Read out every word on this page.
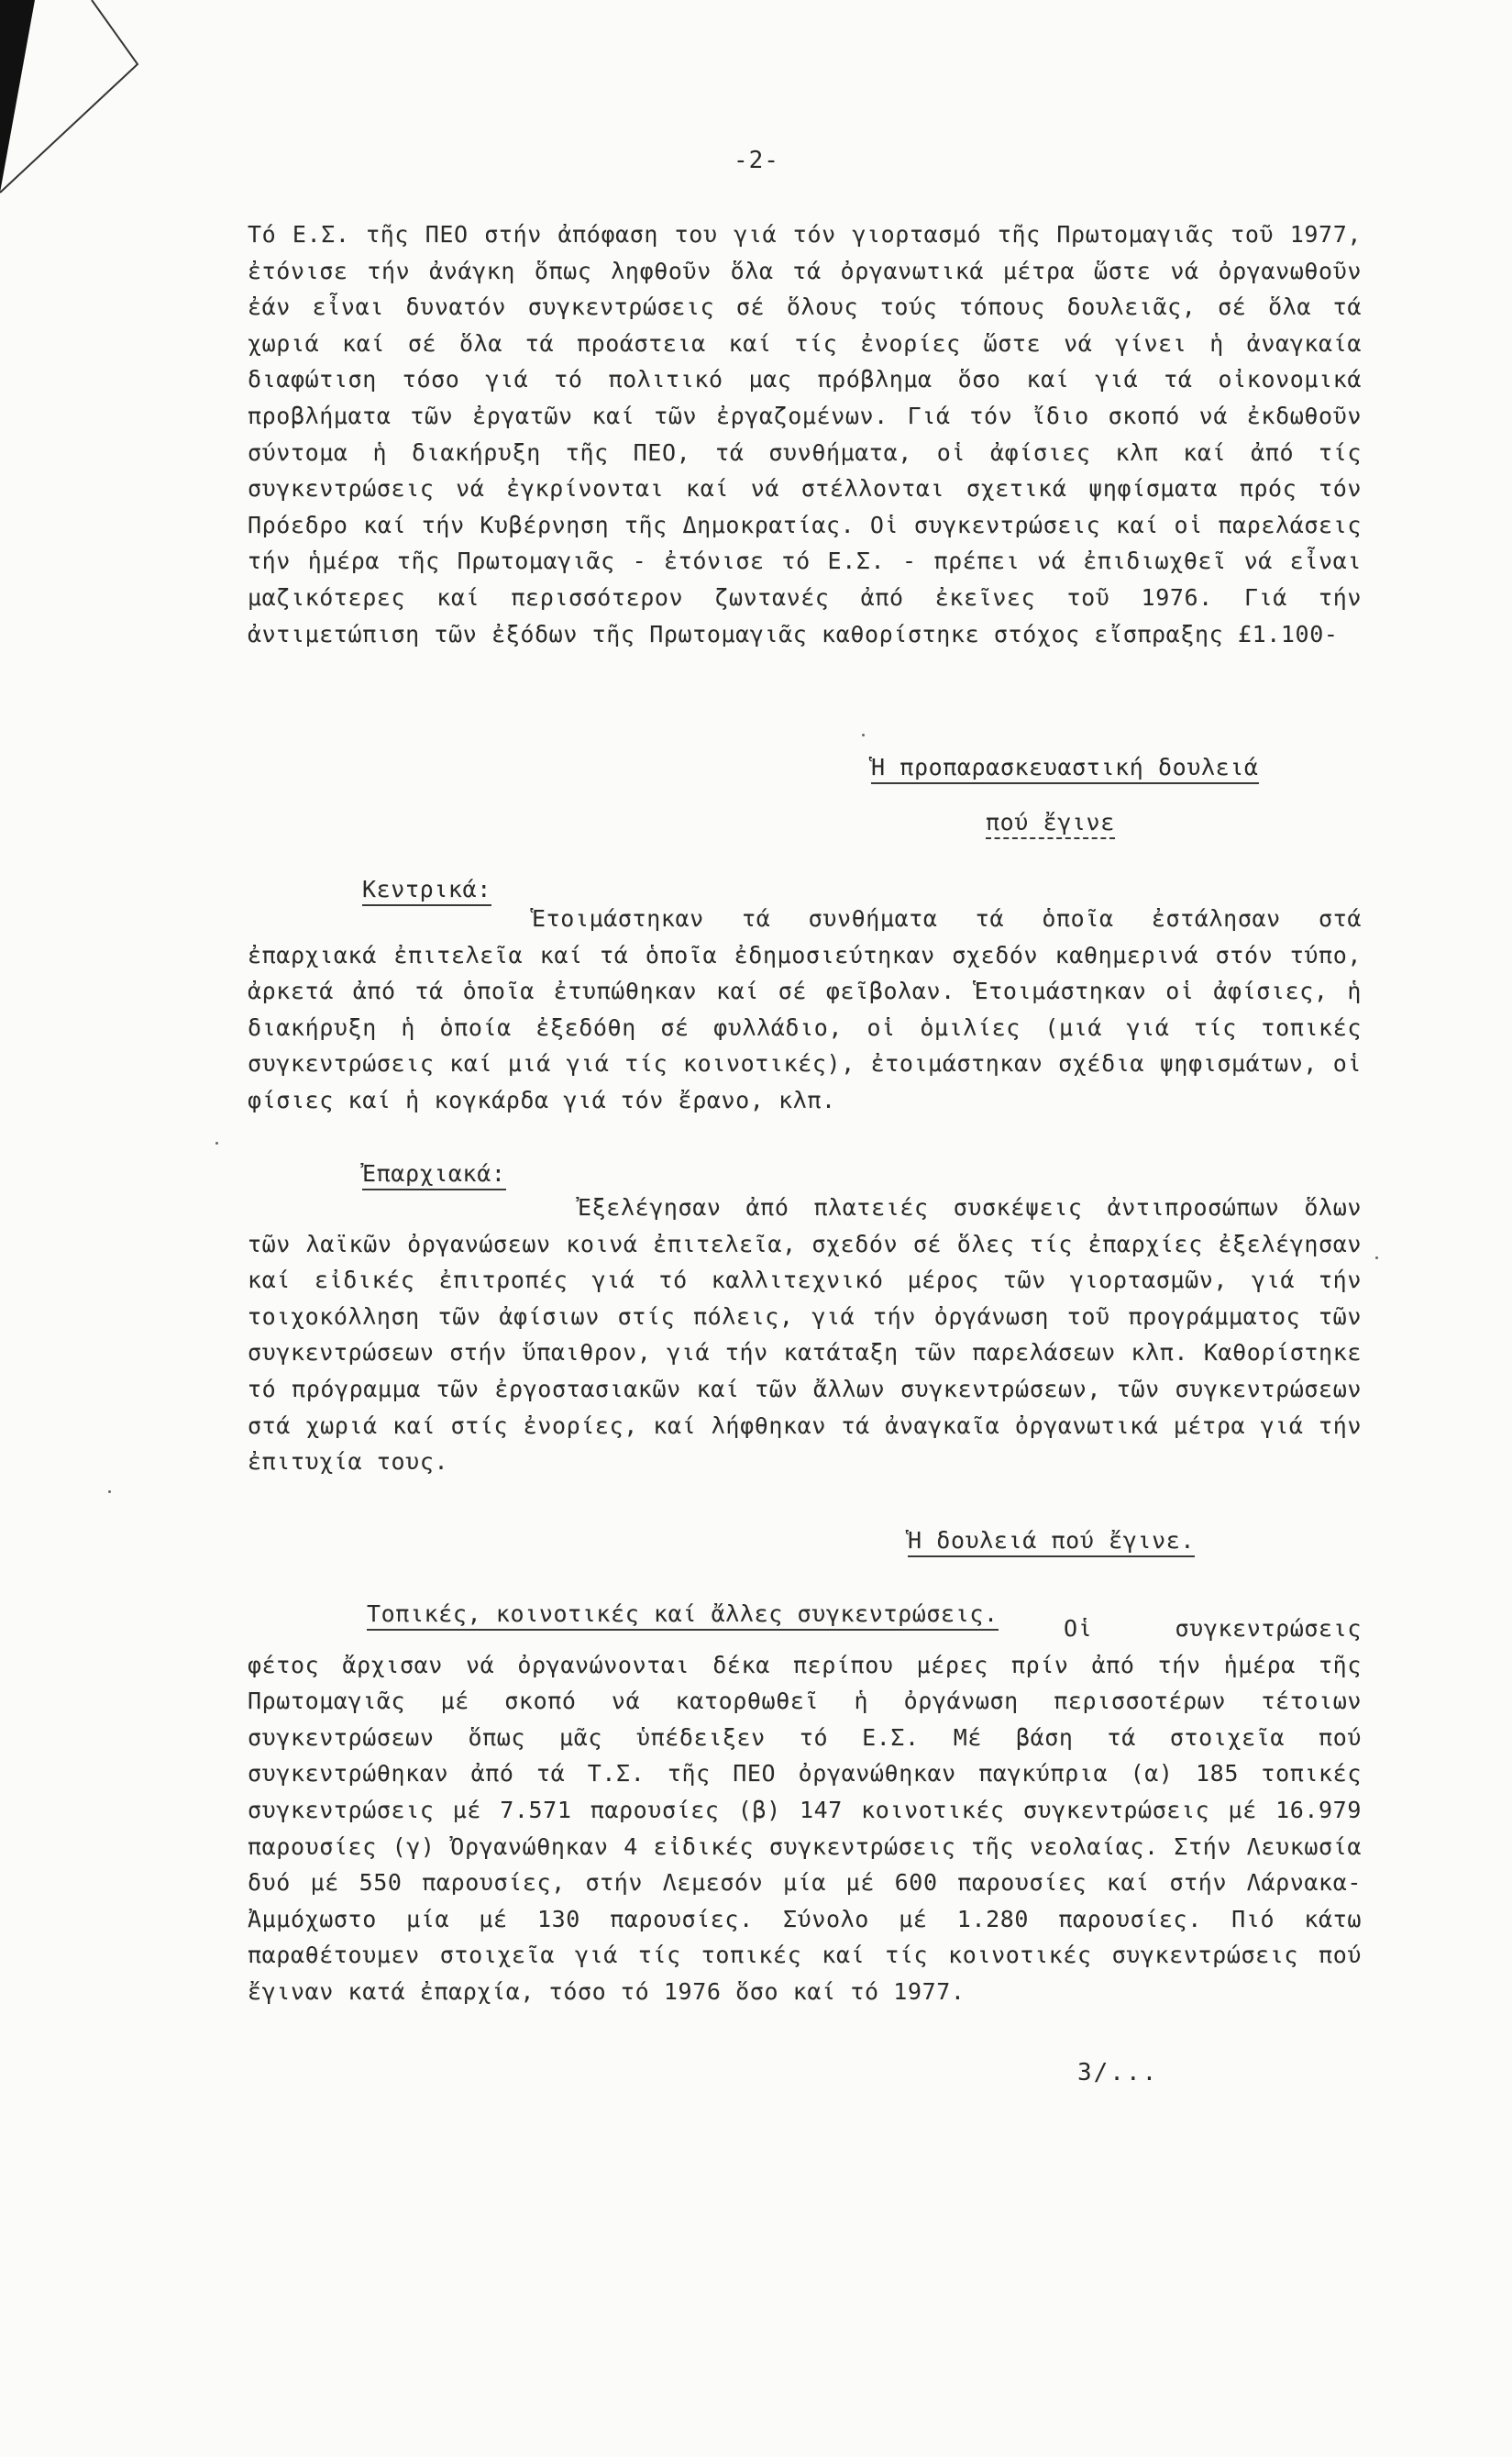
-2-
Τό Ε.Σ. τῆς ΠΕΟ στήν ἀπόφαση του γιά τόν γιορτασμό τῆς Πρωτομαγιᾶς τοῦ 1977, ἐτόνισε τήν ἀνάγκη ὅπως ληφθοῦν ὅλα τά ὀργανωτικά μέτρα ὥστε νά ὀργανωθοῦν ἐάν εἶναι δυνατόν συγκεντρώσεις σέ ὅλους τούς τόπους δουλειᾶς, σέ ὅλα τά χωριά καί σέ ὅλα τά προάστεια καί τίς ἐνορίες ὥστε νά γίνει ἡ ἀναγκαία διαφώτιση τόσο γιά τό πολιτικό μας πρόβλημα ὅσο καί γιά τά οἰκονομικά προβλήματα τῶν ἐργατῶν καί τῶν ἐργαζομένων. Γιά τόν ἴδιο σκοπό νά ἐκδωθοῦν σύντομα ἡ διακήρυξη τῆς ΠΕΟ, τά συνθήματα, οἱ ἀφίσιες κλπ καί ἀπό τίς συγκεντρώσεις νά ἐγκρίνονται καί νά στέλλονται σχετικά ψηφίσματα πρός τόν Πρόεδρο καί τήν Κυβέρνηση τῆς Δημοκρατίας. Οἱ συγκεντρώσεις καί οἱ παρελάσεις τήν ἡμέρα τῆς Πρωτομαγιᾶς - ἐτόνισε τό Ε.Σ. - πρέπει νά ἐπιδιωχθεῖ νά εἶναι μαζικότερες καί περισσότερον ζωντανές ἀπό ἐκεῖνες τοῦ 1976. Γιά τήν ἀντιμετώπιση τῶν ἐξόδων τῆς Πρωτομαγιᾶς καθορίστηκε στόχος εἴσπραξης £1.100-
Ἡ προπαρασκευαστική δουλειά
πού ἔγινε
Κεντρικά:
Ἑτοιμάστηκαν τά συνθήματα τά ὁποῖα ἐστάλησαν στά ἐπαρχιακά ἐπιτελεῖα καί τά ὁποῖα ἐδημοσιεύτηκαν σχεδόν καθημερινά στόν τύπο, ἀρκετά ἀπό τά ὁποῖα ἐτυπώθηκαν καί σέ φεῖβολαν. Ἑτοιμάστηκαν οἱ ἀφίσιες, ἡ διακήρυξη ἡ ὁποία ἐξεδόθη σέ φυλλάδιο, οἱ ὁμιλίες (μιά γιά τίς τοπικές συγκεντρώσεις καί μιά γιά τίς κοινοτικές), ἐτοιμάστηκαν σχέδια ψηφισμάτων, οἱ φίσιες καί ἡ κογκάρδα γιά τόν ἔρανο, κλπ.
Ἐπαρχιακά:
Ἐξελέγησαν ἀπό πλατειές συσκέψεις ἀντιπροσώπων ὅλων τῶν λαϊκῶν ὀργανώσεων κοινά ἐπιτελεῖα, σχεδόν σέ ὅλες τίς ἐπαρχίες ἐξελέγησαν καί εἰδικές ἐπιτροπές γιά τό καλλιτεχνικό μέρος τῶν γιορτασμῶν, γιά τήν τοιχοκόλληση τῶν ἀφίσιων στίς πόλεις, γιά τήν ὀργάνωση τοῦ προγράμματος τῶν συγκεντρώσεων στήν ὕπαιθρον, γιά τήν κατάταξη τῶν παρελάσεων κλπ. Καθορίστηκε τό πρόγραμμα τῶν ἐργοστασιακῶν καί τῶν ἄλλων συγκεντρώσεων, τῶν συγκεντρώσεων στά χωριά καί στίς ἐνορίες, καί λήφθηκαν τά ἀναγκαῖα ὀργανωτικά μέτρα γιά τήν ἐπιτυχία τους.
Ἡ δουλειά πού ἔγινε.
Τοπικές, κοινοτικές καί ἄλλες συγκεντρώσεις.
Οἱ συγκεντρώσεις φέτος ἄρχισαν νά ὀργανώνονται δέκα περίπου μέρες πρίν ἀπό τήν ἡμέρα τῆς Πρωτομαγιᾶς μέ σκοπό νά κατορθωθεῖ ἡ ὀργάνωση περισσοτέρων τέτοιων συγκεντρώσεων ὅπως μᾶς ὑπέδειξεν τό Ε.Σ. Μέ βάση τά στοιχεῖα πού συγκεντρώθηκαν ἀπό τά Τ.Σ. τῆς ΠΕΟ ὀργανώθηκαν παγκύπρια (α) 185 τοπικές συγκεντρώσεις μέ 7.571 παρουσίες (β) 147 κοινοτικές συγκεντρώσεις μέ 16.979 παρουσίες (γ) Ὀργανώθηκαν 4 εἰδικές συγκεντρώσεις τῆς νεολαίας. Στήν Λευκωσία δυό μέ 550 παρουσίες, στήν Λεμεσόν μία μέ 600 παρουσίες καί στήν Λάρνακα-Ἀμμόχωστο μία μέ 130 παρουσίες. Σύνολο μέ 1.280 παρουσίες. Πιό κάτω παραθέτουμεν στοιχεῖα γιά τίς τοπικές καί τίς κοινοτικές συγκεντρώσεις πού ἔγιναν κατά ἐπαρχία, τόσο τό 1976 ὅσο καί τό 1977.
3/...
